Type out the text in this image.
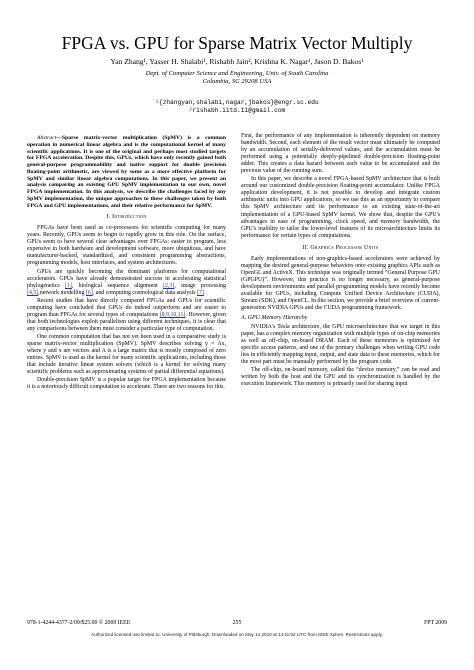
FPGA vs. GPU for Sparse Matrix Vector Multiply
Yan Zhang¹, Yasser H. Shalabi¹, Rishabh Jain², Krishna K. Nagar¹, Jason D. Bakos¹
Dept. of Computer Science and Engineering, Univ. of South Carolina
Columbia, SC 29208 USA
¹{zhangyan,shalabi,nagar,jbakos}@engr.sc.edu
²rishabh.iitd.11@gmail.com

Abstract—Sparse matrix-vector multiplication (SpMV) is a common operation in numerical linear algebra and is the computational kernel of many scientific applications. It is one of the original and perhaps most studied targets for FPGA acceleration. Despite this, GPUs, which have only recently gained both general-purpose programmability and native support for double precision floating-point arithmetic, are viewed by some as a more effective platform for SpMV and similar linear algebra computations. In this paper, we present an analysis comparing an existing GPU SpMV implementation to our own, novel FPGA implementation. In this analysis, we describe the challenges faced by any SpMV implementation, the unique approaches to these challenges taken by both FPGA and GPU implementations, and their relative performance for SpMV.

I. Introduction

FPGAs have been used as co-processors for scientific computing for many years. Recently, GPUs seem to begin to rapidly grow in this role. On the surface, GPUs seem to have several clear advantages over FPGAs: easier to program, less expensive in both hardware and development software, more ubiquitous, and have manufacturer-backed, standardized, and consistent programming abstractions, programming models, host interfaces, and system architectures.

GPUs are quickly becoming the dominant platforms for computational accelerators. GPUs have already demonstrated success in accelerating statistical phylogenetics [1], biological sequence alignment [2,3], image processing [4,5],network modelling [6], and computing cosmological data analysis [7].

Recent studies that have directly compared FPGAs and GPUs for scientific computing have concluded that GPUs do indeed outperform and are easier to program than FPGAs for several types of computations [8,9,10,11]. However, given that both technologies exploit parallelism using different techniques, it is clear that any comparisons between them must consider a particular type of computation.

One common computation that has not yet been used in a comparative study is sparse matrix-vector multiplication (SpMV). SpMV describes solving y = Ax, where y and x are vectors and A is a large matrix that is mostly composed of zero entries. SpMV is used as the kernel for many scientific applications, including those that include iterative linear system solvers (which is a kernel for solving many scientific problems such as approximating systems of partial differential equations).

Double-precision SpMV is a popular target for FPGA implementation because it is a notoriously difficult computation to accelerate. There are two reasons for this.

First, the performance of any implementation is inherently dependent on memory bandwidth. Second, each element of the result vector must ultimately be computed by an accumulation of serially-delivered values, and the accumulation must be performed using a potentially deeply-pipelined double-precision floating-point adder. This creates a data hazard between each value to be accumulated and the previous value of the running sum.

In this paper, we describe a novel FPGA-based SpMV architecture that is built around our customized double-precision floating-point accumulator. Unlike FPGA application development, it is not possible to develop and integrate custom arithmetic units into GPU applications, so we use this as an opportunity to compare this SpMV architecture and its performance to an existing state-of-the-art implementation of a GPU-based SpMV kernel. We show that, despite the GPU's advantages in ease of programming, clock speed, and memory bandwidth, the GPU's inability to tailor the lower-level features of its microarchitecture limits its performance for certain types of computations.

II. Graphics Processor Units

Early implementations of non-graphics-based accelerators were achieved by mapping the desired general-purpose behaviors onto existing graphics APIs such as OpenGL and ActiveX. This technique was originally termed “General Purpose GPU (GPGPU)”. However, this practice is no longer necessary, as general-purpose development environments and parallel programming models have recently become available for GPUs, including Compute Unified Device Architecture (CUDA), Stream (SDK), and OpenCL. In this section, we provide a brief overview of current-generation NVIDIA GPUs and the CUDA programming framework.

A. GPU Memory Hierarchy

NVIDIA's Tesla architecture, the GPU microarchitecture that we target in this paper, has a complex memory organization with multiple types of on-chip memories as well as off-chip, on-board DRAM. Each of these memories is optimized for specific access patterns, and one of the primary challenges when writing GPU code lies in efficiently mapping input, output, and state data to these memories, which for the most part must be manually performed by the program code.

The off-chip, on-board memory, called the “device memory,” can be read and written by both the host and the GPU and its synchronization is handled by the execution framework. This memory is primarily used for sharing input

255
978-1-4244-4377-2/09/$25.00 © 2009 IEEE	FPT 2009
Authorized licensed use limited to: University of Pittsburgh. Downloaded on May 14,2010 at 14:11:02 UTC from IEEE Xplore. Restrictions apply.
